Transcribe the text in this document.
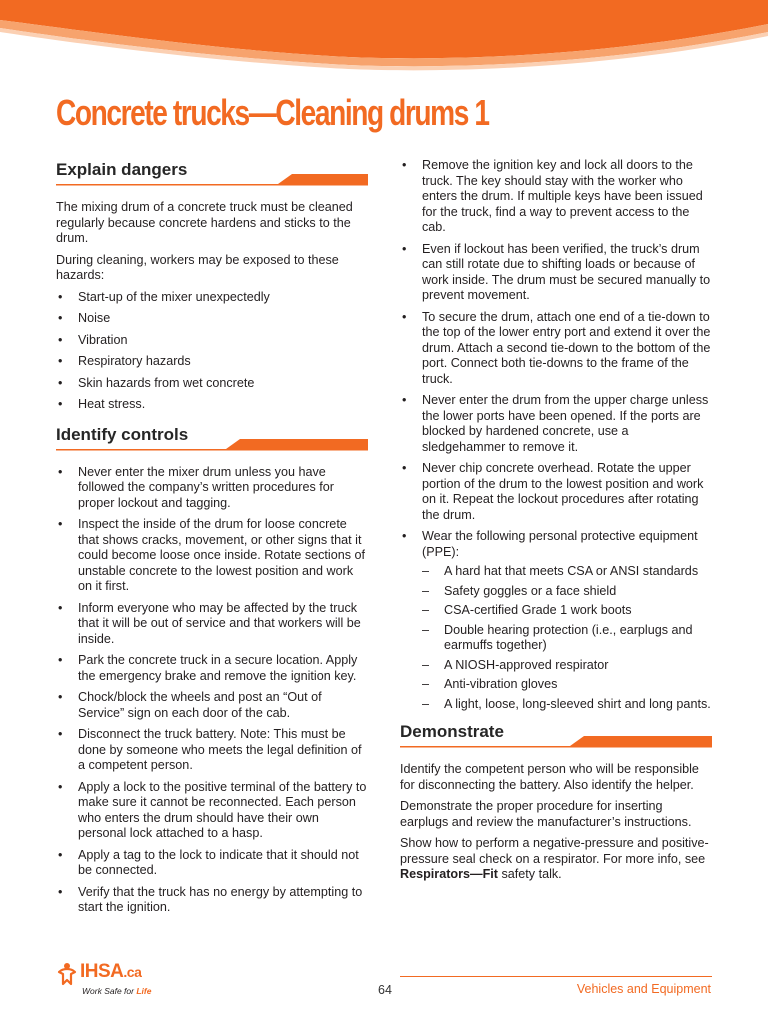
Concrete trucks—Cleaning drums 1
Explain dangers

The mixing drum of a concrete truck must be cleaned regularly because concrete hardens and sticks to the drum.

During cleaning, workers may be exposed to these hazards:

• Start-up of the mixer unexpectedly
• Noise
• Vibration
• Respiratory hazards
• Skin hazards from wet concrete
• Heat stress.
Identify controls
• Never enter the mixer drum unless you have followed the company’s written procedures for proper lockout and tagging.
• Inspect the inside of the drum for loose concrete that shows cracks, movement, or other signs that it could become loose once inside. Rotate sections of unstable concrete to the lowest position and work on it first.
• Inform everyone who may be affected by the truck that it will be out of service and that workers will be inside.
• Park the concrete truck in a secure location. Apply the emergency brake and remove the ignition key.
• Chock/block the wheels and post an “Out of Service” sign on each door of the cab.
• Disconnect the truck battery. Note: This must be done by someone who meets the legal definition of a competent person.
• Apply a lock to the positive terminal of the battery to make sure it cannot be reconnected. Each person who enters the drum should have their own personal lock attached to a hasp.
• Apply a tag to the lock to indicate that it should not be connected.
• Verify that the truck has no energy by attempting to start the ignition.
• Remove the ignition key and lock all doors to the truck. The key should stay with the worker who enters the drum. If multiple keys have been issued for the truck, find a way to prevent access to the cab.
• Even if lockout has been verified, the truck’s drum can still rotate due to shifting loads or because of work inside. The drum must be secured manually to prevent movement.
• To secure the drum, attach one end of a tie-down to the top of the lower entry port and extend it over the drum. Attach a second tie-down to the bottom of the port. Connect both tie-downs to the frame of the truck.
• Never enter the drum from the upper charge unless the lower ports have been opened. If the ports are blocked by hardened concrete, use a sledgehammer to remove it.
• Never chip concrete overhead. Rotate the upper portion of the drum to the lowest position and work on it. Repeat the lockout procedures after rotating the drum.
• Wear the following personal protective equipment (PPE):
– A hard hat that meets CSA or ANSI standards
– Safety goggles or a face shield
– CSA-certified Grade 1 work boots
– Double hearing protection (i.e., earplugs and earmuffs together)
– A NIOSH-approved respirator
– Anti-vibration gloves
– A light, loose, long-sleeved shirt and long pants.
Demonstrate

Identify the competent person who will be responsible for disconnecting the battery. Also identify the helper.

Demonstrate the proper procedure for inserting earplugs and review the manufacturer’s instructions.

Show how to perform a negative-pressure and positive-pressure seal check on a respirator. For more info, see Respirators—Fit safety talk.

IHSA.ca
Work Safe for Life	64	Vehicles and Equipment
